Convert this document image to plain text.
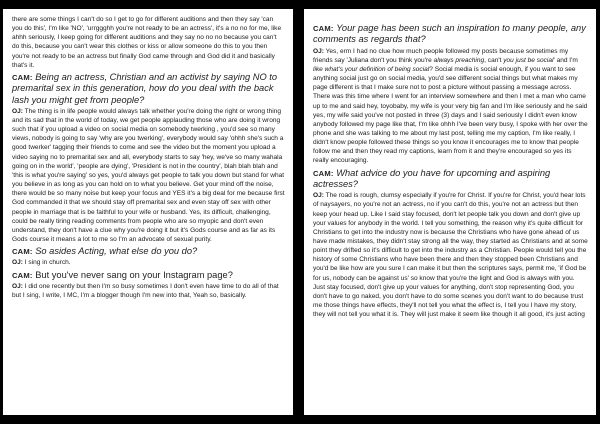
there are some things I can't do so I get to go for different auditions and then they say 'can you do this', I'm like 'NO', 'urrggghh you're not ready to be an actress', it's a no no for me, like ahhh seriously, I keep going for different auditions and they say no no no because you can't do this, because you can't wear this clothes or kiss or allow someone do this to you then you're not ready to be an actress but finally God came through and God did it and basically that's it.

CAM: Being an actress, Christian and an activist by saying NO to premarital sex in this generation, how do you deal with the back lash you might get from people?

OJ: The thing is in life people would always talk whether you're doing the right or wrong thing and its sad that in the world of today, we get people applauding those who are doing it wrong such that if you upload a video on social media on somebody twerking , you'd see so many views, nobody is going to say 'why are you twerking', everybody would say 'ohhh she's such a good twerker' tagging their friends to come and see the video but the moment you upload a video saying no to premarital sex and all, everybody starts to say 'hey, we've so many wahala going on in the world', 'people are dying', 'President is not in the country', blah blah blah and 'this is what you're saying' so yes, you'd always get people to talk you down but stand for what you believe in as long as you can hold on to what you believe. Get your mind off the noise, there would be so many noise but keep your focus and YES it's a big deal for me because first God commanded it that we should stay off premarital sex and even stay off sex with other people in marriage that is be faithful to your wife or husband. Yes, its difficult, challenging, could be really tiring reading comments from people who are so myopic and don't even understand, they don't have a clue why you're doing it but it's Gods course and as far as its Gods course it means a lot to me so I'm an advocate of sexual purity.

CAM: So asides Acting, what else do you do?

OJ: I sing in church.

CAM: But you've never sang on your Instagram page?

OJ: I did one recently but then I'm so busy sometimes I don't even have time to do all of that but I sing, I write, I MC, I'm a blogger though I'm new into that, Yeah so, basically.

CAM: Your page has been such an inspiration to many people, any comments as regards that?

OJ: Yes, erm I had no clue how much people followed my posts because sometimes my friends say 'Juliana don't you think you're always preaching, can't you just be social' and I'm like what's your definition of being social? Social media is social enough, if you want to see anything social just go on social media, you'd see different social things but what makes my page different is that I make sure not to post a picture without passing a message across. There was this time where I went for an interview somewhere and then I met a man who came up to me and said hey, toyobaby, my wife is your very big fan and I'm like seriously and he said yes, my wife said you've not posted in three (3) days and I said seriously I didn't even know anybody followed my page like that, I'm like ohhh I've been very busy, I spoke with her over the phone and she was talking to me about my last post, telling me my caption, I'm like really, I didn't know people followed these things so you know it encourages me to know that people follow me and then they read my captions, learn from it and they're encouraged so yes its really encouraging.

CAM: What advice do you have for upcoming and aspiring actresses?

OJ: The road is rough, clumsy especially if you're for Christ. If you're for Christ, you'd hear lots of naysayers, no you're not an actress, no if you can't do this, you're not an actress but then keep your head up. Like I said stay focused, don't let people talk you down and don't give up your values for anybody in the world. I tell you something, the reason why it's quite difficult for Christians to get into the industry now is because the Christians who have gone ahead of us have made mistakes, they didn't stay strong all the way, they started as Christians and at some point they drifted so it's difficult to get into the industry as a Christian. People would tell you the history of some Christians who have been there and then they stopped been Christians and you'd be like how are you sure I can make it but then the scriptures says, permit me, 'if God be for us, nobody can be against us' so know that you're the light and God is always with you. Just stay focused, don't give up your values for anything, don't stop representing God, you don't have to go naked, you don't have to do some scenes you don't want to do because trust me those things have effects, they'll not tell you what the effect is, I tell you I have my story, they will not tell you what it is. They will just make it seem like though it all good, it's just acting
